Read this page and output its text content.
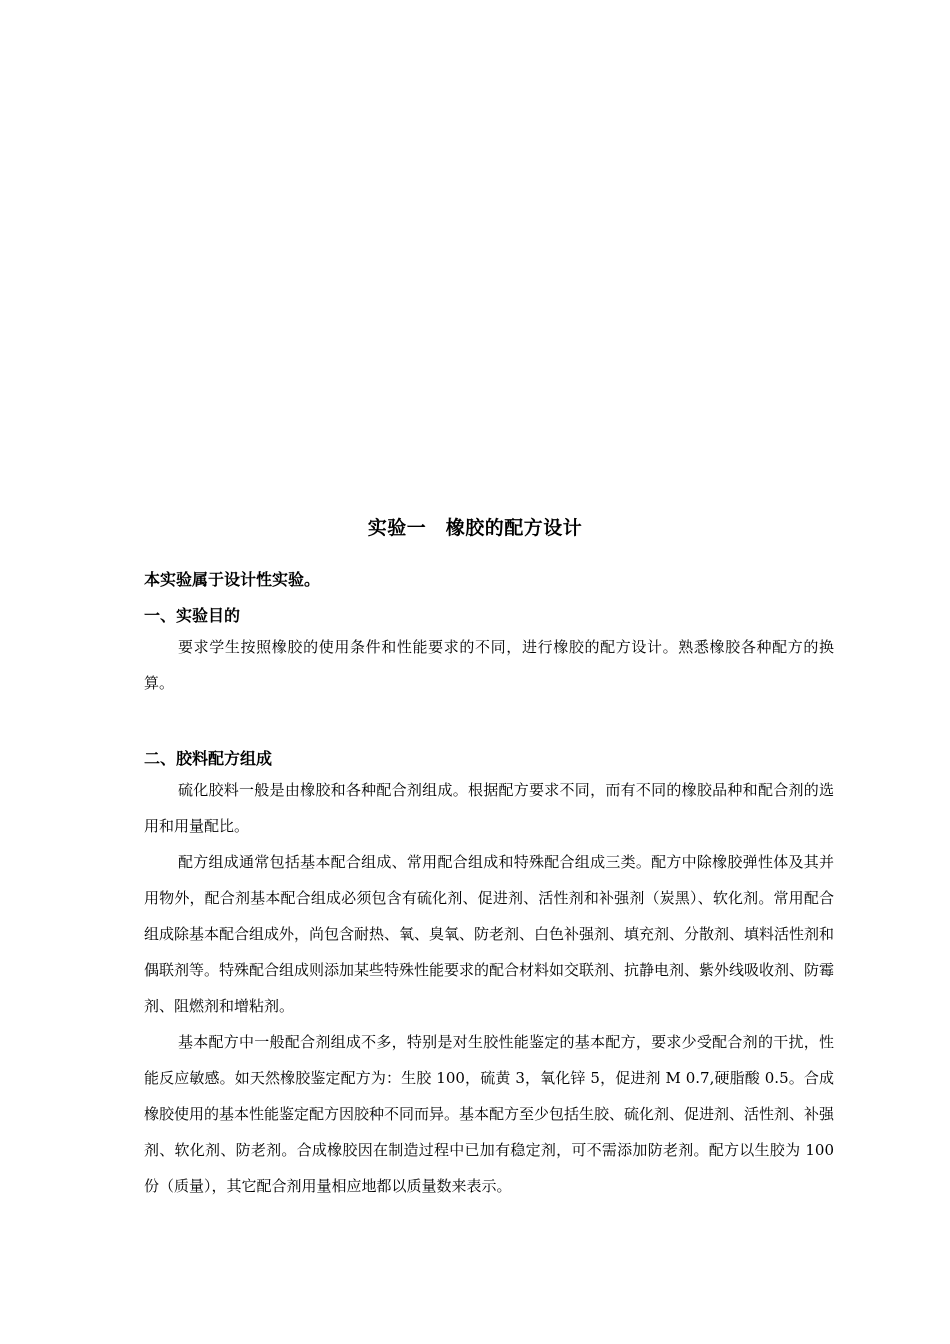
实验一　橡胶的配方设计
本实验属于设计性实验。
一、实验目的

要求学生按照橡胶的使用条件和性能要求的不同，进行橡胶的配方设计。熟悉橡胶各种配方的换算。

二、胶料配方组成

硫化胶料一般是由橡胶和各种配合剂组成。根据配方要求不同，而有不同的橡胶品种和配合剂的选用和用量配比。

配方组成通常包括基本配合组成、常用配合组成和特殊配合组成三类。配方中除橡胶弹性体及其并用物外，配合剂基本配合组成必须包含有硫化剂、促进剂、活性剂和补强剂（炭黑）、软化剂。常用配合组成除基本配合组成外，尚包含耐热、氧、臭氧、防老剂、白色补强剂、填充剂、分散剂、填料活性剂和偶联剂等。特殊配合组成则添加某些特殊性能要求的配合材料如交联剂、抗静电剂、紫外线吸收剂、防霉剂、阻燃剂和增粘剂。

基本配方中一般配合剂组成不多，特别是对生胶性能鉴定的基本配方，要求少受配合剂的干扰，性能反应敏感。如天然橡胶鉴定配方为：生胶 100，硫黄 3，氧化锌 5，促进剂 M 0.7,硬脂酸 0.5。合成橡胶使用的基本性能鉴定配方因胶种不同而异。基本配方至少包括生胶、硫化剂、促进剂、活性剂、补强剂、软化剂、防老剂。合成橡胶因在制造过程中已加有稳定剂，可不需添加防老剂。配方以生胶为 100 份（质量），其它配合剂用量相应地都以质量数来表示。
